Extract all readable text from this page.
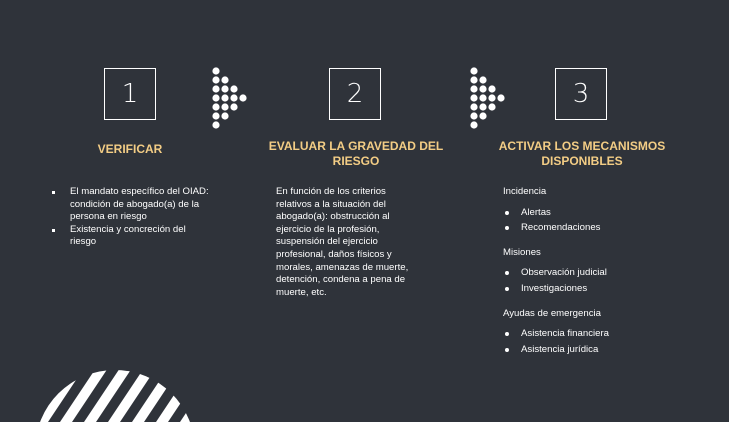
1
VERIFICAR
El mandato específico del OIAD: condición de abogado(a) de la persona en riesgo
Existencia y concreción del riesgo
2
EVALUAR LA GRAVEDAD DEL RIESGO
En función de los criterios relativos a la situación del abogado(a): obstrucción al ejercicio de la profesión, suspensión del ejercicio profesional, daños físicos y morales, amenazas de muerte, detención, condena a pena de muerte, etc.
3
ACTIVAR LOS MECANISMOS DISPONIBLES
Incidencia
Alertas
Recomendaciones
Misiones
Observación judicial
Investigaciones
Ayudas de emergencia
Asistencia financiera
Asistencia jurídica
